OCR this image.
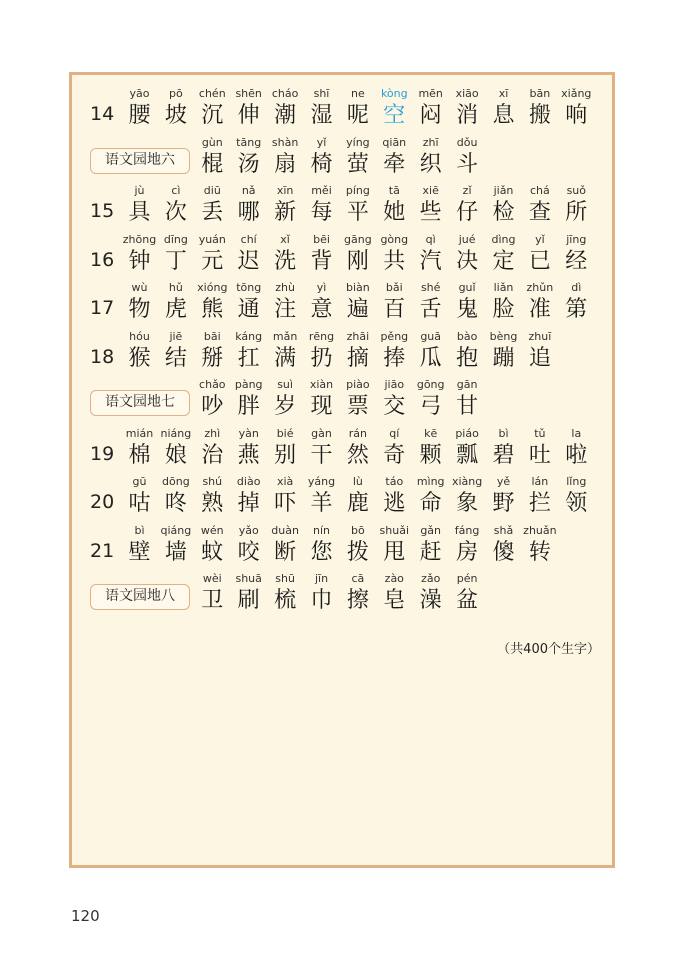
14
yāo
腰
pō
坡
chén
沉
shēn
伸
cháo
潮
shī
湿
ne
呢
kòng
空
mēn
闷
xiāo
消
xī
息
bān
搬
xiǎng
响
语文园地六
gùn
棍
tāng
汤
shàn
扇
yǐ
椅
yíng
萤
qiān
牵
zhī
织
dǒu
斗
15
jù
具
cì
次
diū
丢
nǎ
哪
xīn
新
měi
每
píng
平
tā
她
xiē
些
zǐ
仔
jiǎn
检
chá
查
suǒ
所
16
zhōng
钟
dīng
丁
yuán
元
chí
迟
xǐ
洗
bēi
背
gāng
刚
gòng
共
qì
汽
jué
决
dìng
定
yǐ
已
jīng
经
17
wù
物
hǔ
虎
xióng
熊
tōng
通
zhù
注
yì
意
biàn
遍
bǎi
百
shé
舌
guǐ
鬼
liǎn
脸
zhǔn
准
dì
第
18
hóu
猴
jiē
结
bāi
掰
káng
扛
mǎn
满
rēng
扔
zhāi
摘
pěng
捧
guā
瓜
bào
抱
bèng
蹦
zhuī
追
语文园地七
chǎo
吵
pàng
胖
suì
岁
xiàn
现
piào
票
jiāo
交
gōng
弓
gān
甘
19
mián
棉
niáng
娘
zhì
治
yàn
燕
bié
别
gàn
干
rán
然
qí
奇
kē
颗
piáo
瓢
bì
碧
tǔ
吐
la
啦
20
gū
咕
dōng
咚
shú
熟
diào
掉
xià
吓
yáng
羊
lù
鹿
táo
逃
mìng
命
xiàng
象
yě
野
lán
拦
lǐng
领
21
bì
壁
qiáng
墙
wén
蚊
yǎo
咬
duàn
断
nín
您
bō
拨
shuǎi
甩
gǎn
赶
fáng
房
shǎ
傻
zhuǎn
转
语文园地八
wèi
卫
shuā
刷
shū
梳
jīn
巾
cā
擦
zào
皂
zǎo
澡
pén
盆
（共400个生字）
120
